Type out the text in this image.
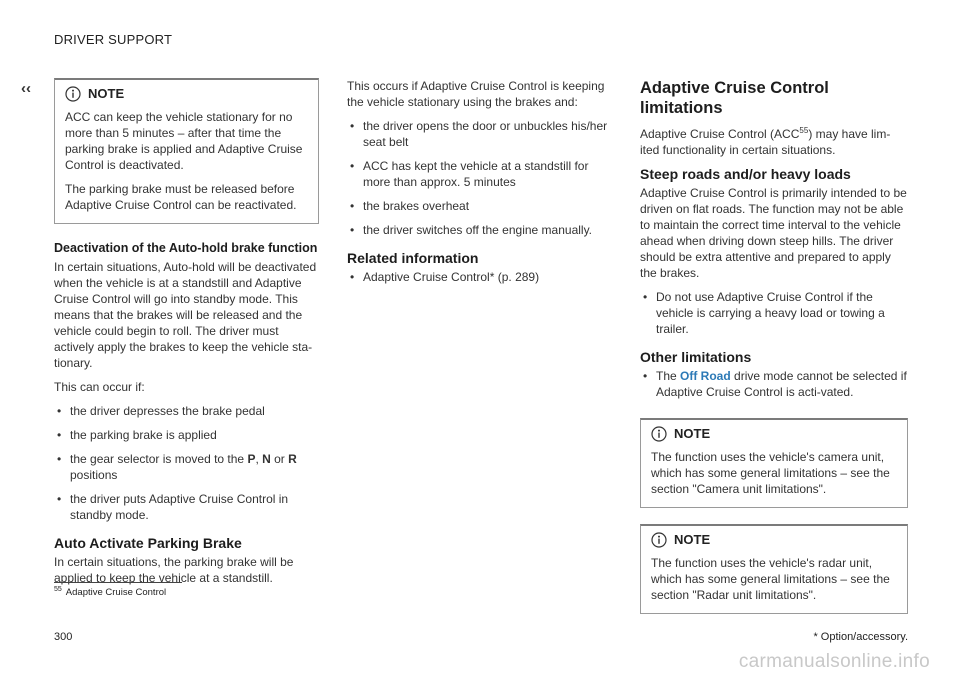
DRIVER SUPPORT
‹‹	NOTE

ACC can keep the vehicle stationary for no more than 5 minutes – after that time the parking brake is applied and Adaptive Cruise Control is deactivated.

The parking brake must be released before Adaptive Cruise Control can be reactivated.

Deactivation of the Auto-hold brake function

In certain situations, Auto-hold will be deactivated when the vehicle is at a standstill and Adaptive Cruise Control will go into standby mode. This means that the brakes will be released and the vehicle could begin to roll. The driver must actively apply the brakes to keep the vehicle sta-tionary.

This can occur if:

• the driver depresses the brake pedal
• the parking brake is applied
• the gear selector is moved to the P, N or R positions
• the driver puts Adaptive Cruise Control in standby mode.
Auto Activate Parking Brake

In certain situations, the parking brake will be applied to keep the vehicle at a standstill.

This occurs if Adaptive Cruise Control is keeping the vehicle stationary using the brakes and:

• the driver opens the door or unbuckles his/her seat belt
• ACC has kept the vehicle at a standstill for more than approx. 5 minutes
• the brakes overheat
• the driver switches off the engine manually.
Related information
• Adaptive Cruise Control* (p. 289)
Adaptive Cruise Control limitations

Adaptive Cruise Control (ACC$^{55}$) may have lim-ited functionality in certain situations.

Steep roads and/or heavy loads

Adaptive Cruise Control is primarily intended to be driven on flat roads. The function may not be able to maintain the correct time interval to the vehicle ahead when driving down steep hills. The driver should be extra attentive and prepared to apply the brakes.

• Do not use Adaptive Cruise Control if the vehicle is carrying a heavy load or towing a trailer.
Other limitations
• The Off Road drive mode cannot be selected if Adaptive Cruise Control is acti-vated.
NOTE

The function uses the vehicle's camera unit, which has some general limitations – see the section "Camera unit limitations".

NOTE

The function uses the vehicle's radar unit, which has some general limitations – see the section "Radar unit limitations".

$^{55}$ Adaptive Cruise Control
300	* Option/accessory.
carmanualsonline.info
